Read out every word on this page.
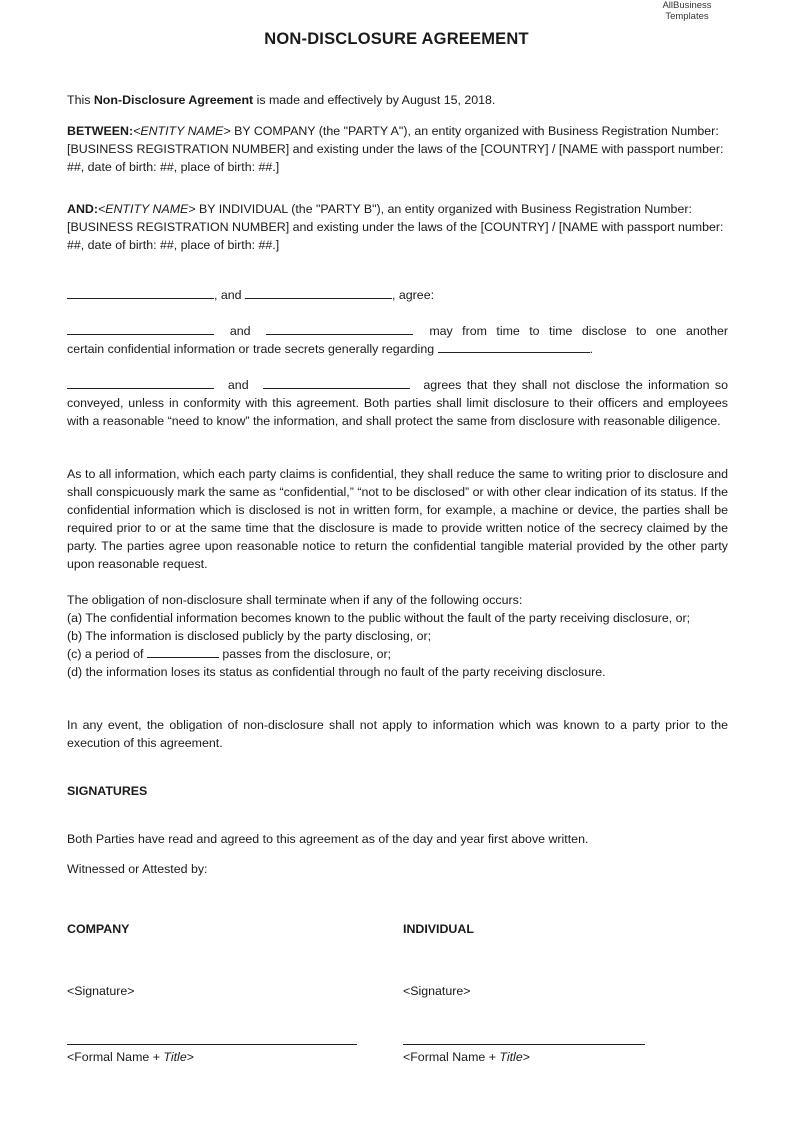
AllBusiness
Templates
NON-DISCLOSURE AGREEMENT
This Non-Disclosure Agreement is made and effectively by August 15, 2018.
BETWEEN:<ENTITY NAME> BY COMPANY (the "PARTY A"), an entity organized with Business Registration Number: [BUSINESS REGISTRATION NUMBER] and existing under the laws of the [COUNTRY] / [NAME with passport number: ##, date of birth: ##, place of birth: ##.]
AND:<ENTITY NAME> BY INDIVIDUAL (the "PARTY B"), an entity organized with Business Registration Number: [BUSINESS REGISTRATION NUMBER] and existing under the laws of the [COUNTRY] / [NAME with passport number: ##, date of birth: ##, place of birth: ##.]
, and	, agree:
and	may from time to time disclose to one another
certain confidential information or trade secrets generally regarding	.
and	agrees that they shall not disclose the information so
conveyed, unless in conformity with this agreement. Both parties shall limit disclosure to their officers and employees with a reasonable “need to know” the information, and shall protect the same from disclosure with reasonable diligence.
As to all information, which each party claims is confidential, they shall reduce the same to writing prior to disclosure and shall conspicuously mark the same as “confidential,” “not to be disclosed” or with other clear indication of its status. If the confidential information which is disclosed is not in written form, for example, a machine or device, the parties shall be required prior to or at the same time that the disclosure is made to provide written notice of the secrecy claimed by the party. The parties agree upon reasonable notice to return the confidential tangible material provided by the other party upon reasonable request.
The obligation of non-disclosure shall terminate when if any of the following occurs:
(a) The confidential information becomes known to the public without the fault of the party receiving disclosure, or;
(b) The information is disclosed publicly by the party disclosing, or;
(c) a period of	passes from the disclosure, or;
(d) the information loses its status as confidential through no fault of the party receiving disclosure.
In any event, the obligation of non-disclosure shall not apply to information which was known to a party prior to the execution of this agreement.
SIGNATURES
Both Parties have read and agreed to this agreement as of the day and year first above written.
Witnessed or Attested by:
COMPANY
<Signature>
<Formal Name + Title>
INDIVIDUAL
<Signature>
<Formal Name + Title>
